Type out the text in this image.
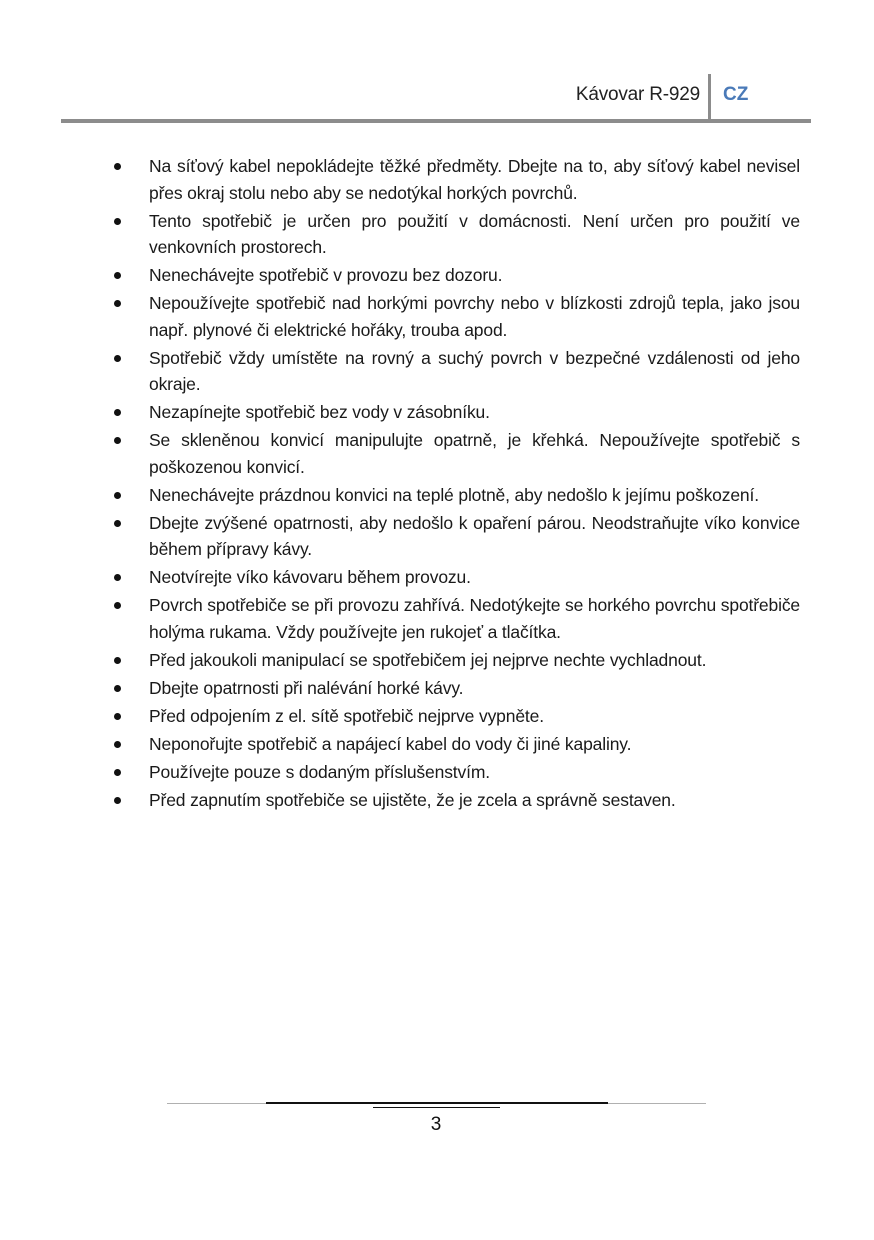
Kávovar R-929 CZ
Na síťový kabel nepokládejte těžké předměty. Dbejte na to, aby síťový kabel nevisel přes okraj stolu nebo aby se nedotýkal horkých povrchů.
Tento spotřebič je určen pro použití v domácnosti. Není určen pro použití ve venkovních prostorech.
Nenechávejte spotřebič v provozu bez dozoru.
Nepoužívejte spotřebič nad horkými povrchy nebo v blízkosti zdrojů tepla, jako jsou např. plynové či elektrické hořáky, trouba apod.
Spotřebič vždy umístěte na rovný a suchý povrch v bezpečné vzdálenosti od jeho okraje.
Nezapínejte spotřebič bez vody v zásobníku.
Se skleněnou konvicí manipulujte opatrně, je křehká. Nepoužívejte spotřebič s poškozenou konvicí.
Nenechávejte prázdnou konvici na teplé plotně, aby nedošlo k jejímu poškození.
Dbejte zvýšené opatrnosti, aby nedošlo k opaření párou. Neodstraňujte víko konvice během přípravy kávy.
Neotvírejte víko kávovaru během provozu.
Povrch spotřebiče se při provozu zahřívá. Nedotýkejte se horkého povrchu spotřebiče holýma rukama. Vždy používejte jen rukojeť a tlačítka.
Před jakoukoli manipulací se spotřebičem jej nejprve nechte vychladnout.
Dbejte opatrnosti při nalévání horké kávy.
Před odpojením z el. sítě spotřebič nejprve vypněte.
Neponořujte spotřebič a napájecí kabel do vody či jiné kapaliny.
Používejte pouze s dodaným příslušenstvím.
Před zapnutím spotřebiče se ujistěte, že je zcela a správně sestaven.
3
